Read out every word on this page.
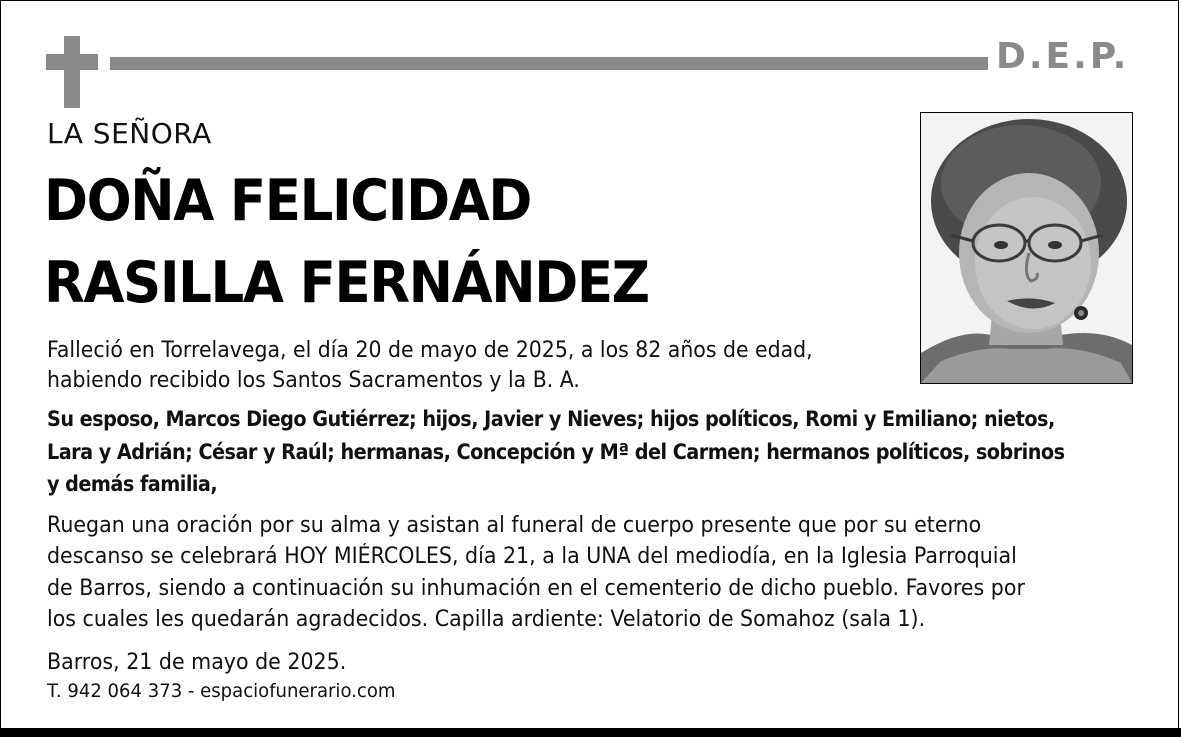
D.E.P.
LA SEÑORA
DOÑA FELICIDAD
RASILLA FERNÁNDEZ
Falleció en Torrelavega, el día 20 de mayo de 2025, a los 82 años de edad,
habiendo recibido los Santos Sacramentos y la B. A.
Su esposo, Marcos Diego Gutiérrez; hijos, Javier y Nieves; hijos políticos, Romi y Emiliano; nietos,
Lara y Adrián; César y Raúl; hermanas, Concepción y Mª del Carmen; hermanos políticos, sobrinos
y demás familia,
Ruegan una oración por su alma y asistan al funeral de cuerpo presente que por su eterno
descanso se celebrará HOY MIÉRCOLES, día 21, a la UNA del mediodía, en la Iglesia Parroquial
de Barros, siendo a continuación su inhumación en el cementerio de dicho pueblo. Favores por
los cuales les quedarán agradecidos. Capilla ardiente: Velatorio de Somahoz (sala 1).
Barros, 21 de mayo de 2025.
T. 942 064 373 - espaciofunerario.com
